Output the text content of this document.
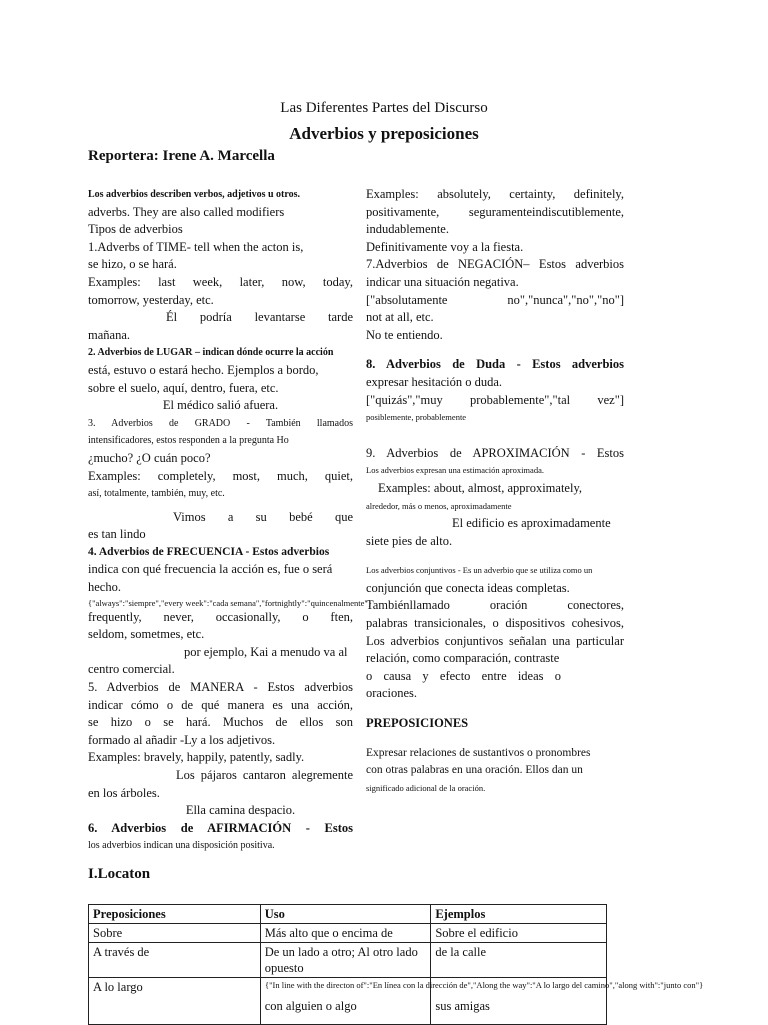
Las Diferentes Partes del Discurso
Adverbios y preposiciones
Reportera: Irene A. Marcella

Los adverbios describen verbos, adjetivos u otros.

adverbs. They are also called modifiers

Tipos de adverbios

1.Adverbs of TIME- tell when the acton is,

se hizo, o se hará.

Examples: last week, later, now, today,

tomorrow, yesterday, etc.

Él podría levantarse tarde

mañana.

2. Adverbios de LUGAR – indican dónde ocurre la acción

está, estuvo o estará hecho. Ejemplos a bordo,

sobre el suelo, aquí, dentro, fuera, etc.

El médico salió afuera.

3. Adverbios de GRADO - También llamados

intensificadores, estos responden a la pregunta Ho

¿mucho? ¿O cuán poco?

Examples: completely, most, much, quiet,

así, totalmente, también, muy, etc.

Vimos a su bebé que

es tan lindo

4. Adverbios de FRECUENCIA - Estos adverbios

indica con qué frecuencia la acción es, fue o será

hecho.

{"always":"siempre","every week":"cada semana","fortnightly":"quincenalmente"}

frequently, never, occasionally, o ften,

seldom, sometmes, etc.

por ejemplo, Kai a menudo va al

centro comercial.

5. Adverbios de MANERA - Estos adverbios

indicar cómo o de qué manera es una acción,

se hizo o se hará. Muchos de ellos son

formado al añadir -Ly a los adjetivos.

Examples: bravely, happily, patently, sadly.

Los pájaros cantaron alegremente

en los árboles.

Ella camina despacio.

6. Adverbios de AFIRMACIÓN - Estos

los adverbios indican una disposición positiva.

Examples: absolutely, certainty, definitely,

positivamente, seguramenteindiscutiblemente,

indudablemente.

Definitivamente voy a la fiesta.

7.Adverbios de NEGACIÓN– Estos adverbios

indicar una situación negativa.

["absolutamente no","nunca","no","no"]

not at all, etc.

No te entiendo.

8. Adverbios de Duda - Estos adverbios

expresar hesitación o duda.

["quizás","muy probablemente","tal vez"]

posiblemente, probablemente

9. Adverbios de APROXIMACIÓN - Estos

Los adverbios expresan una estimación aproximada.

Examples: about, almost, approximately,

alrededor, más o menos, aproximadamente

El edificio es aproximadamente

siete pies de alto.

Los adverbios conjuntivos - Es un adverbio que se utiliza como un

conjunción que conecta ideas completas.

Tambiénllamado oración conectores,

palabras transicionales, o dispositivos cohesivos,

Los adverbios conjuntivos señalan una particular

relación, como comparación, contraste

o causa y efecto entre ideas o

oraciones.

PREPOSICIONES

Expresar relaciones de sustantivos o pronombres

con otras palabras en una oración. Ellos dan un

significado adicional de la oración.

I.Locaton
Preposiciones	Uso	Ejemplos
Sobre	Más alto que o encima de	Sobre el edificio
A través de	De un lado a otro; Al otro lado opuesto	de la calle
A lo largo	con alguien o algo	sus amigas
{"In line with the directon of":"En línea con la dirección de","Along the way":"A lo largo del camino","along with":"junto con"}
